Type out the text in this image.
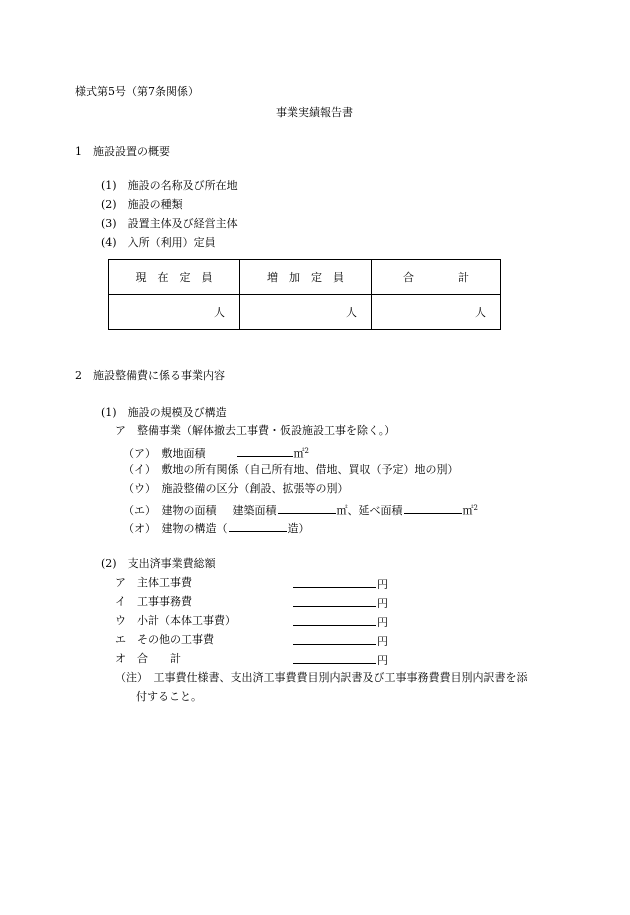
様式第5号（第7条関係）
事業実績報告書
1　施設設置の概要
(1)　施設の名称及び所在地
(2)　施設の種類
(3)　設置主体及び経営主体
(4)　入所（利用）定員
現　在　定　員	増　加　定　員	合　　　　計
人	人	人
2　施設整備費に係る事業内容
(1)　施設の規模及び構造
ア　整備事業（解体撤去工事費・仮設施設工事を除く。）
（ア）　敷地面積	㎡$^2$
（イ）　敷地の所有関係（自己所有地、借地、買収（予定）地の別）
（ウ）　施設整備の区分（創設、拡張等の別）
（エ）　建物の面積 建築面積	㎡、延べ面積	㎡$^2$
（オ）　建物の構造（	造）
(2)　支出済事業費総額
ア　主体工事費	円
イ　工事事務費	円
ウ　小計（本体工事費）	円
エ　その他の工事費	円
オ　合　　計	円
（注）　工事費仕様書、支出済工事費費目別内訳書及び工事事務費費目別内訳書を添
付すること。
